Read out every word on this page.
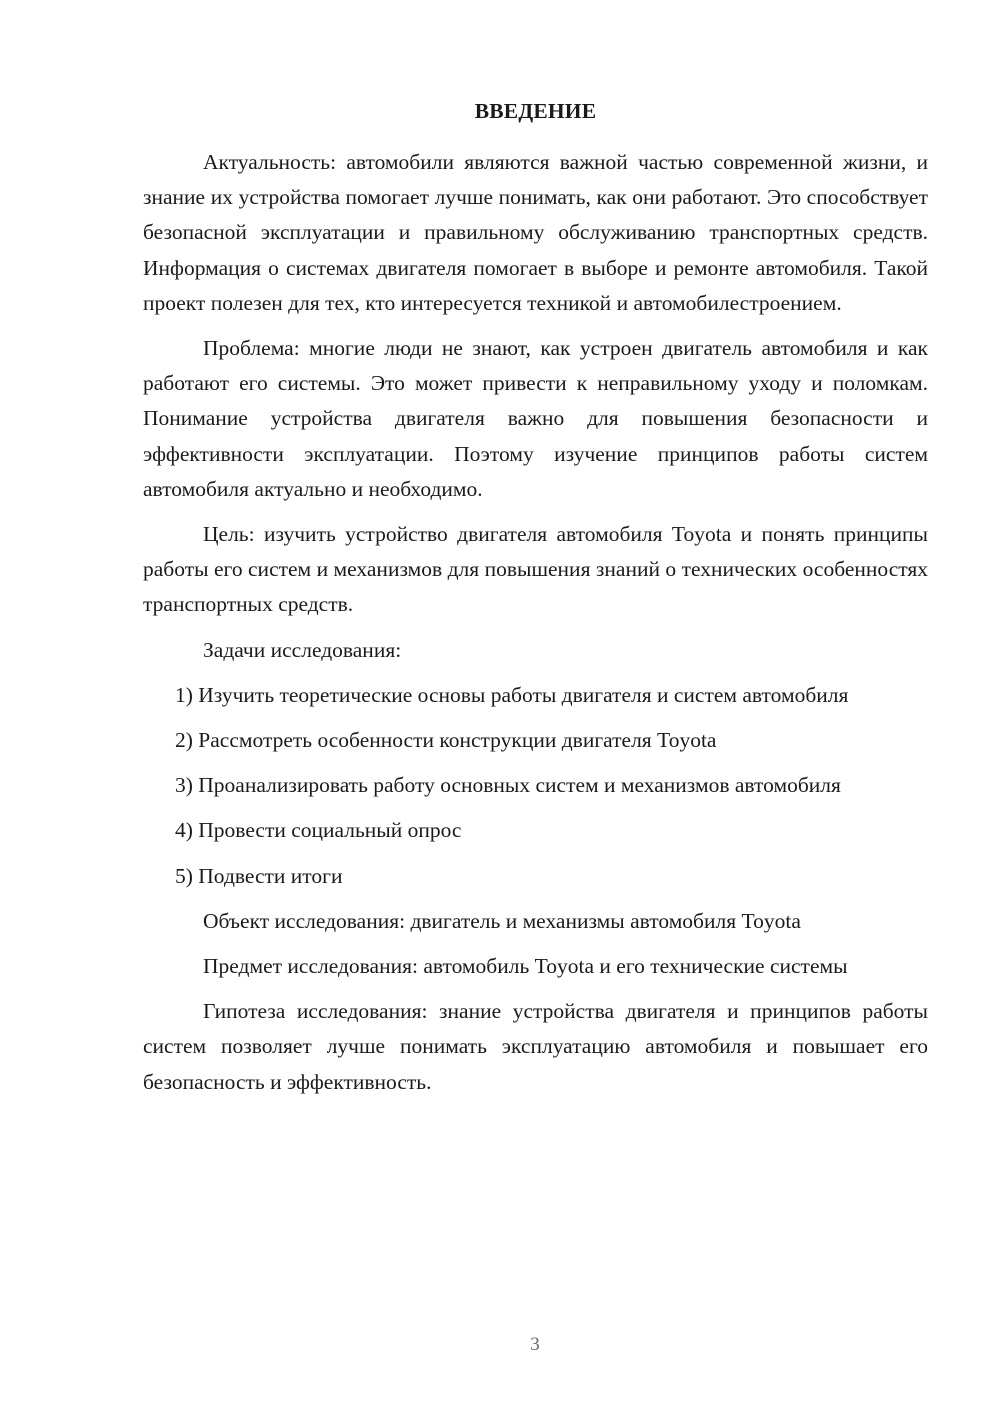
ВВЕДЕНИЕ

Актуальность: автомобили являются важной частью современной жизни, и знание их устройства помогает лучше понимать, как они работают. Это способствует безопасной эксплуатации и правильному обслуживанию транспортных средств. Информация о системах двигателя помогает в выборе и ремонте автомобиля. Такой проект полезен для тех, кто интересуется техникой и автомобилестроением.

Проблема: многие люди не знают, как устроен двигатель автомобиля и как работают его системы. Это может привести к неправильному уходу и поломкам. Понимание устройства двигателя важно для повышения безопасности и эффективности эксплуатации. Поэтому изучение принципов работы систем автомобиля актуально и необходимо.

Цель: изучить устройство двигателя автомобиля Toyota и понять принципы работы его систем и механизмов для повышения знаний о технических особенностях транспортных средств.

Задачи исследования:

1) Изучить теоретические основы работы двигателя и систем автомобиля

2) Рассмотреть особенности конструкции двигателя Toyota

3) Проанализировать работу основных систем и механизмов автомобиля

4) Провести социальный опрос

5) Подвести итоги

Объект исследования: двигатель и механизмы автомобиля Toyota

Предмет исследования: автомобиль Toyota и его технические системы

Гипотеза исследования: знание устройства двигателя и принципов работы систем позволяет лучше понимать эксплуатацию автомобиля и повышает его безопасность и эффективность.

3
